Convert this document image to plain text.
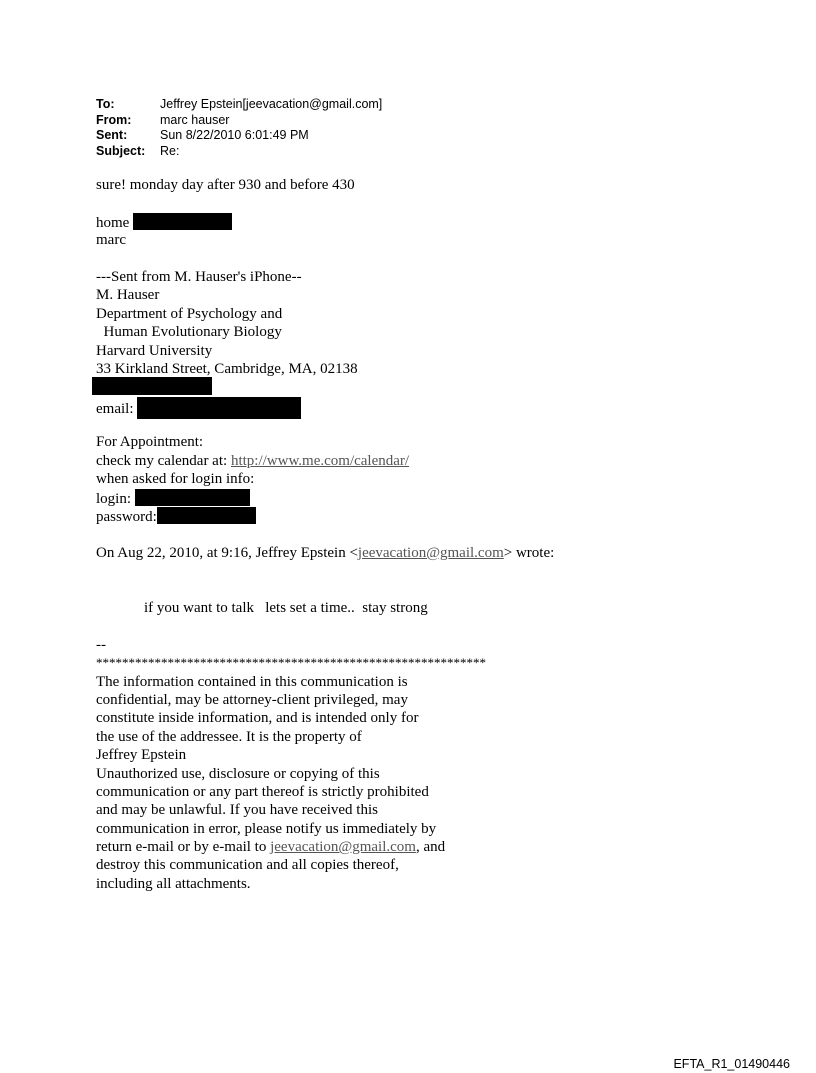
To:	Jeffrey Epstein[jeevacation@gmail.com]
From:	marc hauser
Sent:	Sun 8/22/2010 6:01:49 PM
Subject:	Re:
sure! monday day after 930 and before 430
home
marc
---Sent from M. Hauser's iPhone--
M. Hauser
Department of Psychology and
Human Evolutionary Biology
Harvard University
33 Kirkland Street, Cambridge, MA, 02138
email:
For Appointment:
check my calendar at: http://www.me.com/calendar/
when asked for login info:
login:
password:
On Aug 22, 2010, at 9:16, Jeffrey Epstein <jeevacation@gmail.com> wrote:
if you want to talk   lets set a time..  stay strong
--
************************************************************
The information contained in this communication is
confidential, may be attorney-client privileged, may
constitute inside information, and is intended only for
the use of the addressee. It is the property of
Jeffrey Epstein
Unauthorized use, disclosure or copying of this
communication or any part thereof is strictly prohibited
and may be unlawful. If you have received this
communication in error, please notify us immediately by
return e-mail or by e-mail to jeevacation@gmail.com, and
destroy this communication and all copies thereof,
including all attachments.
EFTA_R1_01490446
